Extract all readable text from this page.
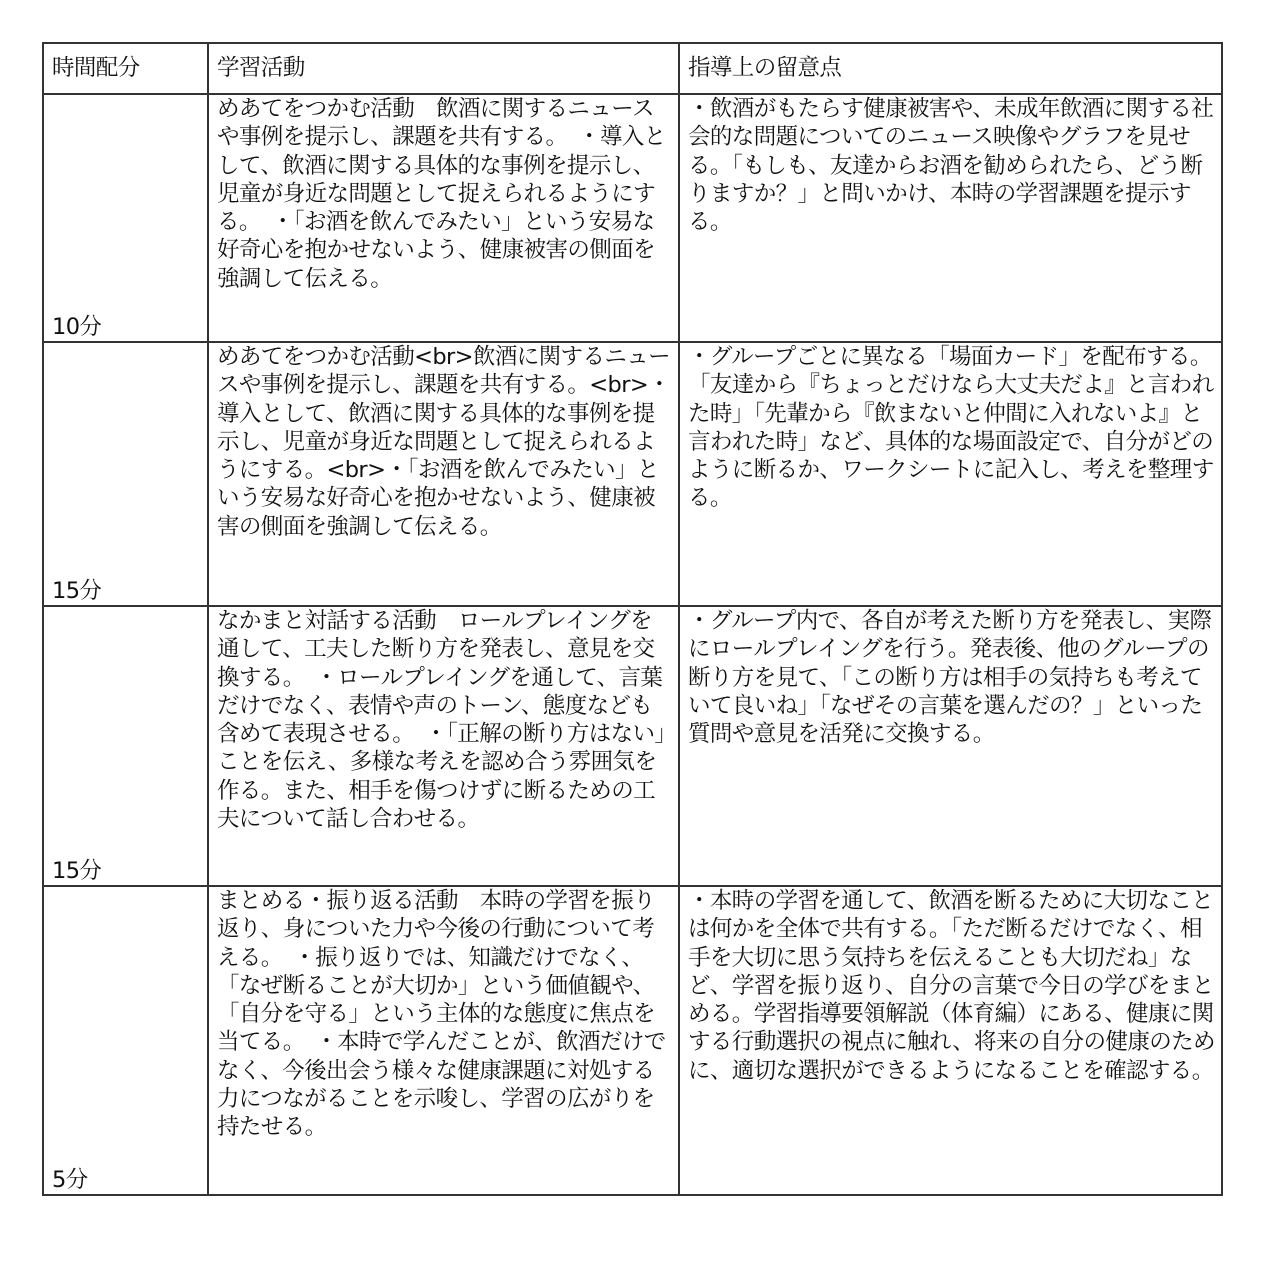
時間配分	学習活動	指導上の留意点
10分	めあてをつかむ活動　飲酒に関するニュースや事例を提示し、課題を共有する。　・導入として、飲酒に関する具体的な事例を提示し、児童が身近な問題として捉えられるようにする。　・「お酒を飲んでみたい」という安易な好奇心を抱かせないよう、健康被害の側面を強調して伝える。	・飲酒がもたらす健康被害や、未成年飲酒に関する社会的な問題についてのニュース映像やグラフを見せる。「もしも、友達からお酒を勧められたら、どう断りますか？」と問いかけ、本時の学習課題を提示する。
15分	めあてをつかむ活動<br>飲酒に関するニュースや事例を提示し、課題を共有する。<br>・導入として、飲酒に関する具体的な事例を提示し、児童が身近な問題として捉えられるようにする。<br>・「お酒を飲んでみたい」という安易な好奇心を抱かせないよう、健康被害の側面を強調して伝える。	・グループごとに異なる「場面カード」を配布する。「友達から『ちょっとだけなら大丈夫だよ』と言われた時」「先輩から『飲まないと仲間に入れないよ』と言われた時」など、具体的な場面設定で、自分がどのように断るか、ワークシートに記入し、考えを整理する。
15分	なかまと対話する活動　ロールプレイングを通して、工夫した断り方を発表し、意見を交換する。　・ロールプレイングを通して、言葉だけでなく、表情や声のトーン、態度なども含めて表現させる。　・「正解の断り方はない」ことを伝え、多様な考えを認め合う雰囲気を作る。また、相手を傷つけずに断るための工夫について話し合わせる。	・グループ内で、各自が考えた断り方を発表し、実際にロールプレイングを行う。発表後、他のグループの断り方を見て、「この断り方は相手の気持ちも考えていて良いね」「なぜその言葉を選んだの？」といった質問や意見を活発に交換する。
5分	まとめる・振り返る活動　本時の学習を振り返り、身についた力や今後の行動について考える。　・振り返りでは、知識だけでなく、「なぜ断ることが大切か」という価値観や、「自分を守る」という主体的な態度に焦点を当てる。　・本時で学んだことが、飲酒だけでなく、今後出会う様々な健康課題に対処する力につながることを示唆し、学習の広がりを持たせる。	・本時の学習を通して、飲酒を断るために大切なことは何かを全体で共有する。「ただ断るだけでなく、相手を大切に思う気持ちを伝えることも大切だね」など、学習を振り返り、自分の言葉で今日の学びをまとめる。学習指導要領解説（体育編）にある、健康に関する行動選択の視点に触れ、将来の自分の健康のために、適切な選択ができるようになることを確認する。
